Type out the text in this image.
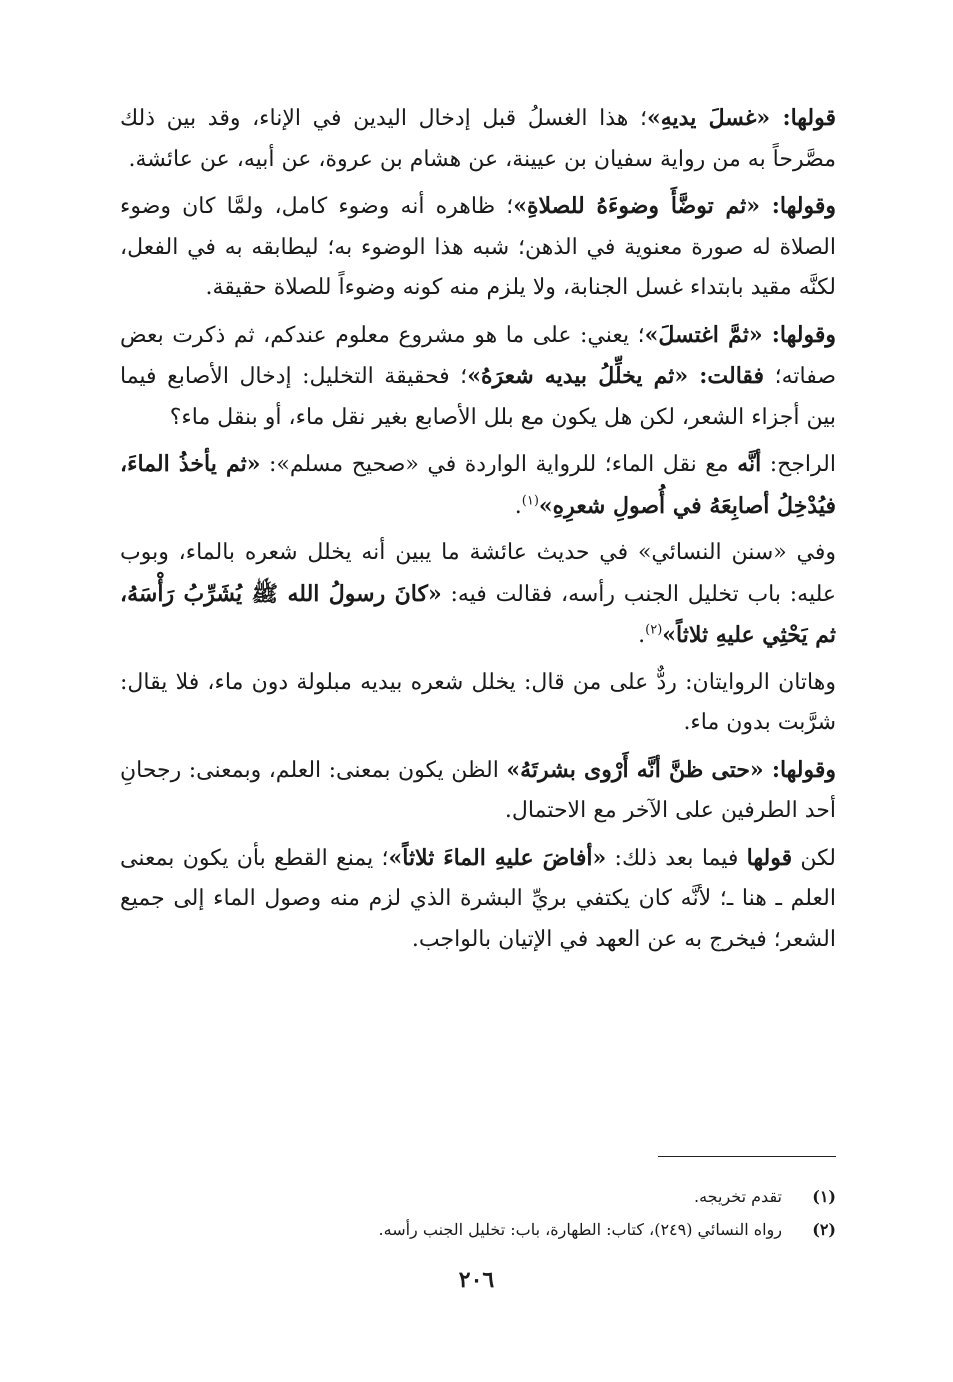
قولها: «غسلَ يديهِ»؛ هذا الغسلُ قبل إدخال اليدين في الإناء، وقد بين ذلك مصَّرحاً به من رواية سفيان بن عيينة، عن هشام بن عروة، عن أبيه، عن عائشة.

وقولها: «ثم توضَّأَ وضوءَهُ للصلاةِ»؛ ظاهره أنه وضوء كامل، ولمَّا كان وضوء الصلاة له صورة معنوية في الذهن؛ شبه هذا الوضوء به؛ ليطابقه به في الفعل، لكنَّه مقيد بابتداء غسل الجنابة، ولا يلزم منه كونه وضوءاً للصلاة حقيقة.

وقولها: «ثمَّ اغتسلَ»؛ يعني: على ما هو مشروع معلوم عندكم، ثم ذكرت بعض صفاته؛ فقالت: «ثم يخلِّلُ بيديه شعرَهُ»؛ فحقيقة التخليل: إدخال الأصابع فيما بين أجزاء الشعر، لكن هل يكون مع بلل الأصابع بغير نقل ماء، أو بنقل ماء؟

الراجح: أنَّه مع نقل الماء؛ للرواية الواردة في «صحيح مسلم»: «ثم يأخذُ الماءَ، فيُدْخِلُ أصابِعَهُ في أُصولِ شعرِهِ»$^{(١)}$.

وفي «سنن النسائي» في حديث عائشة ما يبين أنه يخلل شعره بالماء، وبوب عليه: باب تخليل الجنب رأسه، فقالت فيه: «كانَ رسولُ الله ﷺ يُشَرِّبُ رَأْسَهُ، ثم يَحْثِي عليهِ ثلاثاً»$^{(٢)}$.

وهاتان الروايتان: ردٌّ على من قال: يخلل شعره بيديه مبلولة دون ماء، فلا يقال: شرَّبت بدون ماء.

وقولها: «حتى ظنَّ أنَّه أَرْوى بشرتَهُ» الظن يكون بمعنى: العلم، وبمعنى: رجحانِ أحد الطرفين على الآخر مع الاحتمال.

لكن قولها فيما بعد ذلك: «أفاضَ عليهِ الماءَ ثلاثاً»؛ يمنع القطع بأن يكون بمعنى العلم ـ هنا ـ؛ لأنَّه كان يكتفي بريِّ البشرة الذي لزم منه وصول الماء إلى جميع الشعر؛ فيخرج به عن العهد في الإتيان بالواجب.

(١)
تقدم تخريجه.
(٢)
رواه النسائي (٢٤٩)، كتاب: الطهارة، باب: تخليل الجنب رأسه.
٢٠٦
